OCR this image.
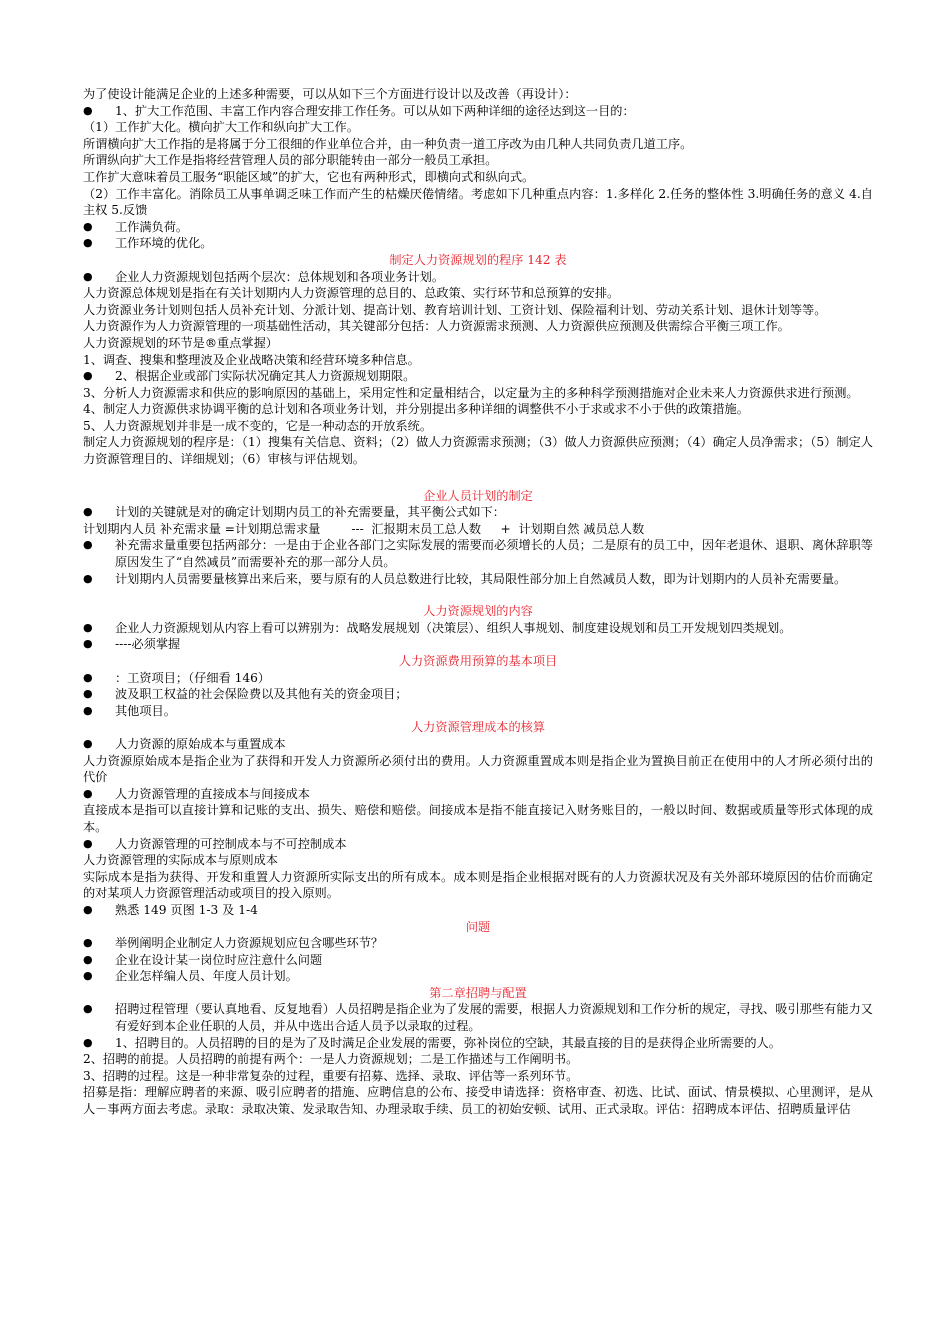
为了使设计能满足企业的上述多种需要，可以从如下三个方面进行设计以及改善（再设计）：

● 1、扩大工作范围、丰富工作内容合理安排工作任务。可以从如下两种详细的途径达到这一目的：

（1）工作扩大化。横向扩大工作和纵向扩大工作。

所谓横向扩大工作指的是将属于分工很细的作业单位合并，由一种负责一道工序改为由几种人共同负责几道工序。

所谓纵向扩大工作是指将经营管理人员的部分职能转由一部分一般员工承担。

工作扩大意味着员工服务“职能区域”的扩大，它也有两种形式，即横向式和纵向式。

（2）工作丰富化。消除员工从事单调乏味工作而产生的枯燥厌倦情绪。考虑如下几种重点内容：1.多样化 2.任务的整体性 3.明确任务的意义 4.自主权 5.反馈

● 工作满负荷。

● 工作环境的优化。

制定人力资源规划的程序 142 表

● 企业人力资源规划包括两个层次：总体规划和各项业务计划。

人力资源总体规划是指在有关计划期内人力资源管理的总目的、总政策、实行环节和总预算的安排。

人力资源业务计划则包括人员补充计划、分派计划、提高计划、教育培训计划、工资计划、保险福利计划、劳动关系计划、退休计划等等。

人力资源作为人力资源管理的一项基础性活动，其关键部分包括：人力资源需求预测、人力资源供应预测及供需综合平衡三项工作。

人力资源规划的环节是®重点掌握）

1、调查、搜集和整理波及企业战略决策和经营环境多种信息。

● 2、根据企业或部门实际状况确定其人力资源规划期限。

3、分析人力资源需求和供应的影响原因的基础上，采用定性和定量相结合，以定量为主的多种科学预测措施对企业未来人力资源供求进行预测。

4、制定人力资源供求协调平衡的总计划和各项业务计划，并分别提出多种详细的调整供不小于求或求不小于供的政策措施。

5、人力资源规划并非是一成不变的，它是一种动态的开放系统。

制定人力资源规划的程序是：（1）搜集有关信息、资料；（2）做人力资源需求预测；（3）做人力资源供应预测；（4）确定人员净需求；（5）制定人力资源管理目的、详细规划；（6）审核与评估规划。

企业人员计划的制定

● 计划的关键就是对的确定计划期内员工的补充需要量，其平衡公式如下：

计划期内人员 补充需求量 =计划期总需求量        ---  汇报期末员工总人数     +  计划期自然 减员总人数

● 补充需求量重要包括两部分：一是由于企业各部门之实际发展的需要而必须增长的人员；二是原有的员工中，因年老退休、退职、离休辞职等原因发生了“自然减员”而需要补充的那一部分人员。

● 计划期内人员需要量核算出来后来，要与原有的人员总数进行比较，其局限性部分加上自然减员人数，即为计划期内的人员补充需要量。

人力资源规划的内容

● 企业人力资源规划从内容上看可以辨别为：战略发展规划（决策层）、组织人事规划、制度建设规划和员工开发规划四类规划。

● ----必须掌握

人力资源费用预算的基本项目

● ：工资项目；（仔细看 146）

● 波及职工权益的社会保险费以及其他有关的资金项目；

● 其他项目。

人力资源管理成本的核算

● 人力资源的原始成本与重置成本

人力资源原始成本是指企业为了获得和开发人力资源所必须付出的费用。人力资源重置成本则是指企业为置换目前正在使用中的人才所必须付出的代价

● 人力资源管理的直接成本与间接成本

直接成本是指可以直接计算和记账的支出、损失、赔偿和赔偿。间接成本是指不能直接记入财务账目的，一般以时间、数据或质量等形式体现的成本。

● 人力资源管理的可控制成本与不可控制成本

人力资源管理的实际成本与原则成本

实际成本是指为获得、开发和重置人力资源所实际支出的所有成本。成本则是指企业根据对既有的人力资源状况及有关外部环境原因的估价而确定的对某项人力资源管理活动或项目的投入原则。

● 熟悉 149 页图 1-3 及 1-4

问题

● 举例阐明企业制定人力资源规划应包含哪些环节？

● 企业在设计某一岗位时应注意什么问题

● 企业怎样编人员、年度人员计划。

第二章招聘与配置

● 招聘过程管理（要认真地看、反复地看）人员招聘是指企业为了发展的需要，根据人力资源规划和工作分析的规定，寻找、吸引那些有能力又有爱好到本企业任职的人员，并从中选出合适人员予以录取的过程。

● 1、招聘目的。人员招聘的目的是为了及时满足企业发展的需要，弥补岗位的空缺，其最直接的目的是获得企业所需要的人。

2、招聘的前提。人员招聘的前提有两个：一是人力资源规划；二是工作描述与工作阐明书。

3、招聘的过程。这是一种非常复杂的过程，重要有招募、选择、录取、评估等一系列环节。

招募是指：理解应聘者的来源、吸引应聘者的措施、应聘信息的公布、接受申请选择：资格审查、初选、比试、面试、情景模拟、心里测评，是从人－事两方面去考虑。录取：录取决策、发录取告知、办理录取手续、员工的初始安顿、试用、正式录取。评估：招聘成本评估、招聘质量评估
